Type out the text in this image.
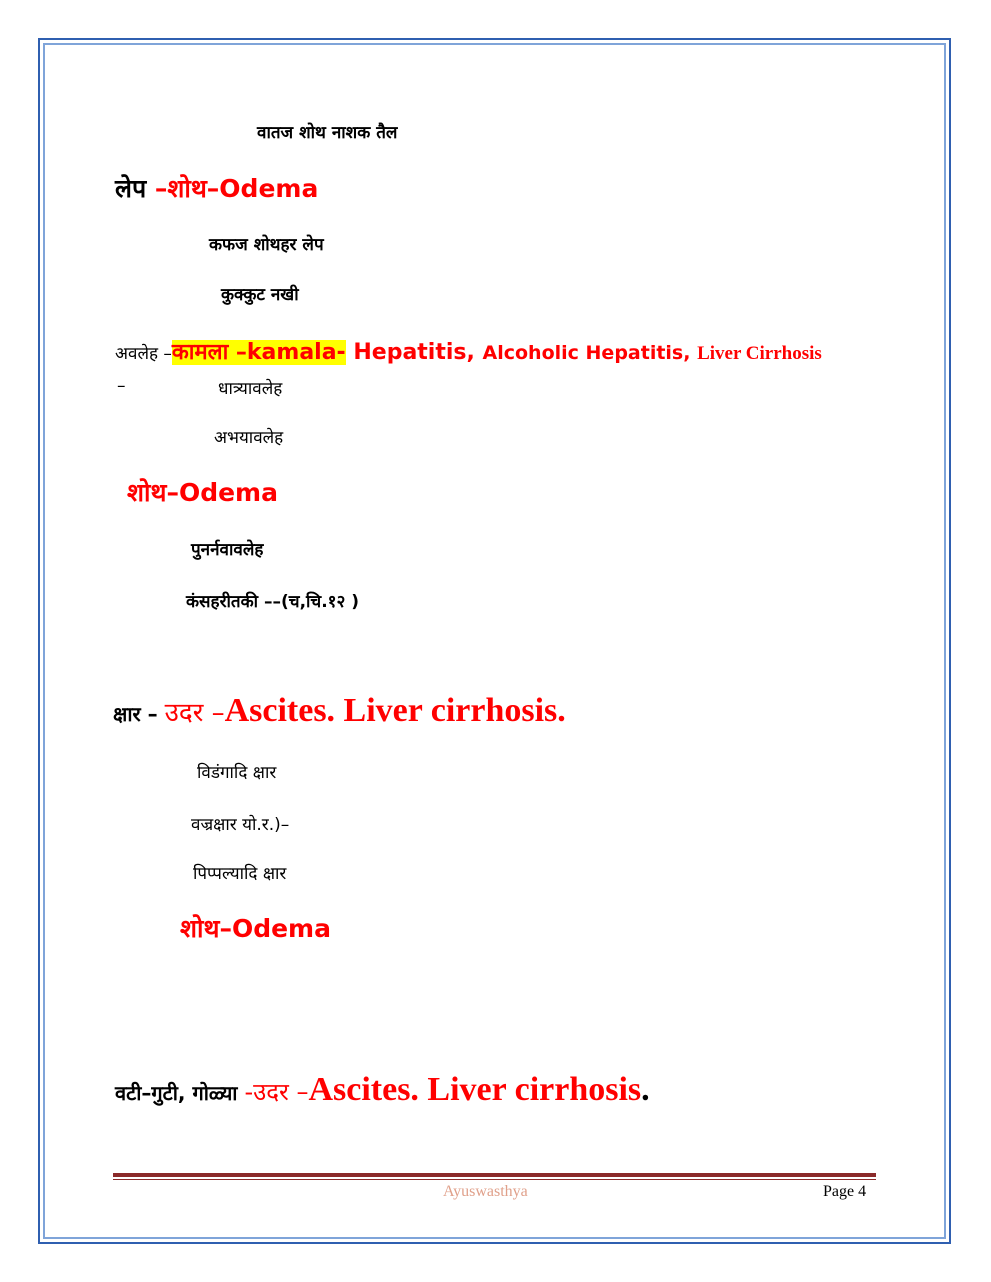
वातज शोथ नाशक तैल
लेप –शोथ–Odema
कफज शोथहर लेप
कुक्कुट नखी
अवलेह –कामला –kamala- Hepatitis, Alcoholic Hepatitis, Liver Cirrhosis
–	धात्र्यावलेह
अभयावलेह
शोथ–Odema
पुनर्नवावलेह
कंसहरीतकी ––(च,चि.१२ )
क्षार – उदर –Ascites. Liver cirrhosis.
विडंगादि क्षार
वज्रक्षार यो.र.)–
पिप्पल्यादि क्षार
शोथ–Odema
वटी–गुटी, गोळ्या -उदर –Ascites. Liver cirrhosis.
Ayuswasthya	Page 4
